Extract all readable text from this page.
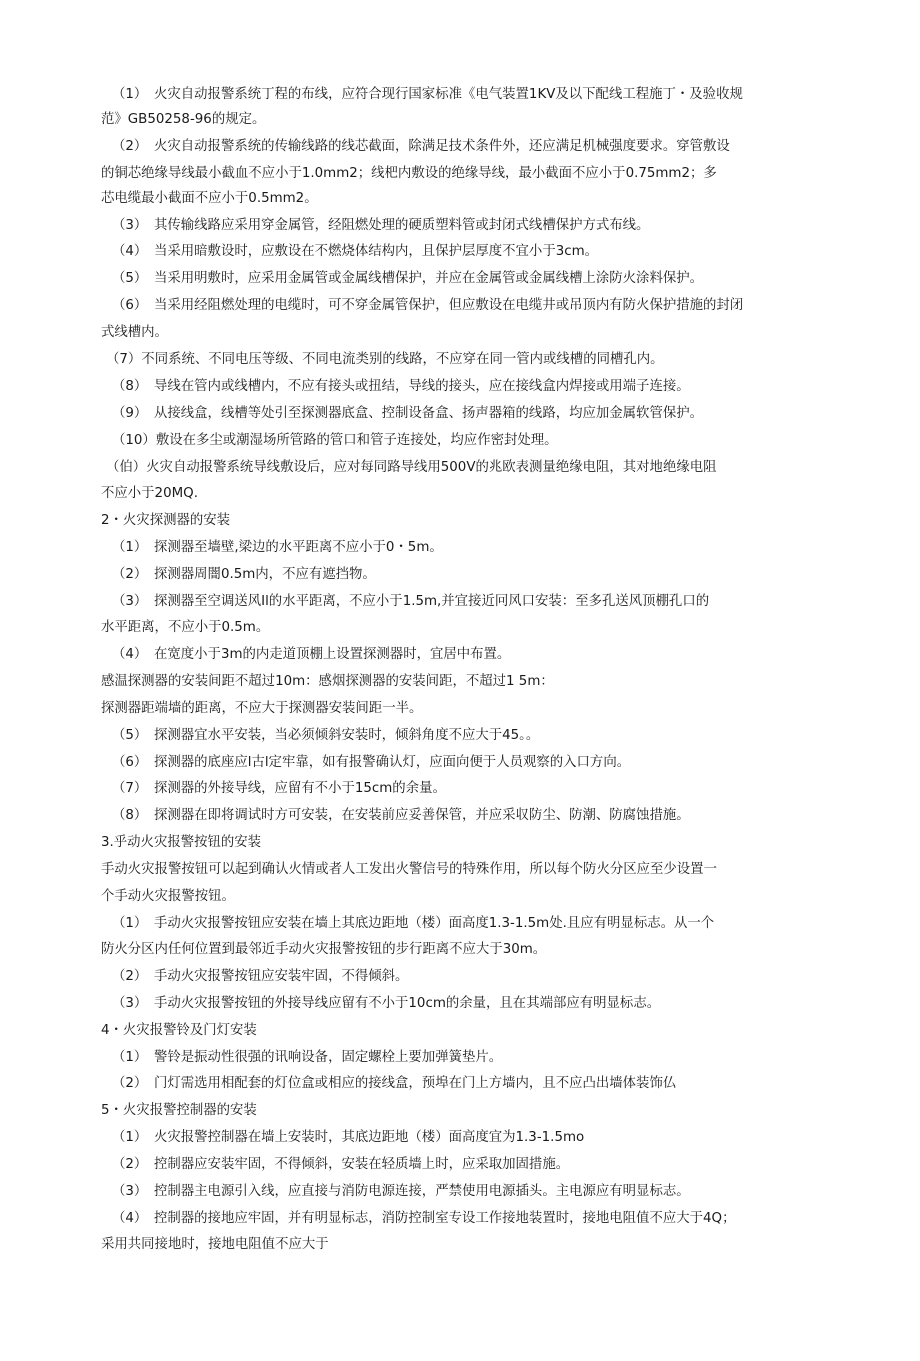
（1）　火灾自动报警系统丁程的布线，应符合现行国家标准《电气装置1KV及以下配线工程施丁・及验收规
范》GB50258-96的规定。
（2）　火灾自动报警系统的传输线路的线芯截面，除满足技术条件外，还应满足机械强度要求。穿管敷设
的铜芯绝缘导线最小截血不应小于1.0mm2；线杷内敷设的绝缘导线，最小截面不应小于0.75mm2；多
芯电缆最小截面不应小于0.5mm2。
（3）　其传输线路应采用穿金属管，经阻燃处理的硬质塑料管或封闭式线槽保护方式布线。
（4）　当采用暗敷设时，应敷设在不燃烧体结构内，且保护层厚度不宜小于3cm。
（5）　当采用明敷时，应采用金属管或金属线槽保护，并应在金属管或金属线槽上涂防火涂料保护。
（6）　当采用经阻燃处理的电缆时，可不穿金属管保护，但应敷设在电缆井或吊顶内有防火保护措施的封闭
式线槽内。
（7）不同系统、不同电压等级、不同电流类别的线路，不应穿在同一管内或线槽的同槽孔内。
（8）　导线在管内或线槽内，不应有接头或扭结，导线的接头，应在接线盒内焊接或用端子连接。
（9）　从接线盒，线槽等处引至探测器底盒、控制设备盒、扬声器箱的线路，均应加金属软管保护。
（10）敷设在多尘或潮湿场所管路的管口和管子连接处，均应作密封处理。
（伯）火灾自动报警系统导线敷设后，应对每同路导线用500V的兆欧表测量绝缘电阻，其对地绝缘电阻
不应小于20MQ.
2・火灾探测器的安装
（1）　探测器至墙壁,梁边的水平距离不应小于0・5m。
（2）　探测器周闇0.5m内，不应有遮挡物。
（3）　探测器至空调送风Il的水平距离，不应小于1.5m,并宜接近冋风口安装：至多孔送风顶棚孔口的
水平距离，不应小于0.5m。
（4）　在宽度小于3m的内走道顶棚上设置探测器时，宜居中布置。
感温探测器的安装间距不超过10m：感烟探测器的安装间距，不超过1 5m：
探测器距端墙的距离，不应大于探测器安装间距一半。
（5）　探测器宜水平安装，当必须倾斜安装时，倾斜角度不应大于45。。
（6）　探测器的底座应l古l定牢靠，如有报警确认灯，应面向便于人员观察的入口方向。
（7）　探测器的外接导线，应留有不小于15cm的余量。
（8）　探测器在即将调试时方可安装，在安装前应妥善保管，并应采収防尘、防潮、防腐蚀措施。
3.乎动火灾报警按钮的安装
手动火灾报警按钮可以起到确认火情或者人工发出火警信号的特殊作用，所以每个防火分区应至少设置一
个手动火灾报警按钮。
（1）　手动火灾报警按钮应安装在墙上其底边距地（楼）面高度1.3-1.5m处.且应有明显标志。从一个
防火分区内任何位置到最邻近手动火灾报警按钮的步行距离不应大于30m。
（2）　手动火灾报警按钮应安装牢固，不得倾斜。
（3）　手动火灾报警按钮的外接导线应留有不小于10cm的余量，且在其端部应有明显标志。
4・火灾报警铃及门灯安装
（1）　警铃是振动性很强的讯响设备，固定螺栓上要加弹簧垫片。
（2）　门灯需选用相配套的灯位盒或相应的接线盒，预埠在门上方墙内，且不应凸出墙体装饰仏
5・火灾报警控制器的安装
（1）　火灾报警控制器在墙上安装时，其底边距地（楼）面高度宜为1.3-1.5mo
（2）　控制器应安装牢固，不得倾斜，安装在轻质墙上时，应采取加固措施。
（3）　控制器主电源引入线，应直接与消防电源连接，严禁使用电源插头。主电源应有明显标志。
（4）　控制器的接地应牢固，并有明显标志，消防控制室专设工作接地装置时，接地电阻值不应大于4Q；
采用共同接地时，接地电阻值不应大于
